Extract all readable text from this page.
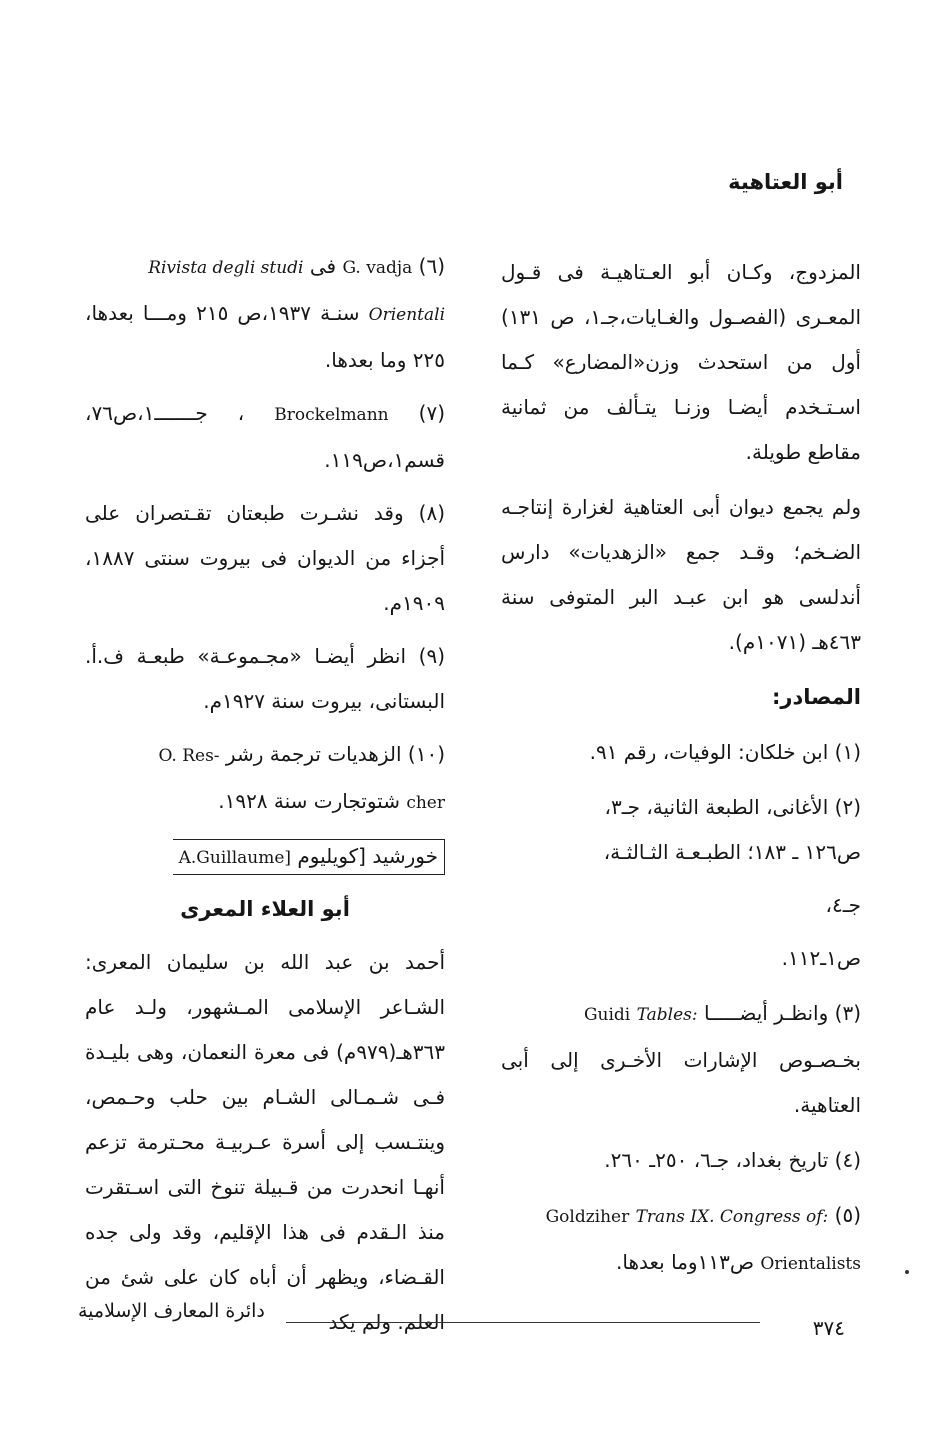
أبو العتاهية

المزدوج، وكـان أبو العـتاهيـة فى قـول المعـرى (الفصـول والغـايات،جـ١، ص ١٣١) أول من استحدث وزن«المضارع» كـما اسـتـخدم أيضـا وزنـا يتـألف من ثمانية مقاطع طويلة.

ولم يجمع ديوان أبى العتاهية لغزارة إنتاجـه الضـخم؛ وقـد جمع «الزهديات» دارس أندلسى هو ابن عبـد البر المتوفى سنة ٤٦٣هـ (١٠٧١م).

المصادر:

(١) ابن خلكان: الوفيات، رقم ٩١.

(٢) الأغانى، الطبعة الثانية، جـ٣،

ص١٢٦ ـ ١٨٣؛ الطبـعـة الثـالثـة،

جـ٤،

ص١ـ١١٢.

(٣) وانظـر أيضـــــا Guidi Tables:

بخـصـوص الإشارات الأخـرى إلى أبى العتاهية.

(٤) تاريخ بغداد، جـ٦، ٢٥٠ـ ٢٦٠.

(٥) Goldziher Trans IX. Congress of:

Orientalists ص١١٣وما بعدها.

(٦) G. vadja فى Rivista degli studi

Orientali سنـة ١٩٣٧،ص ٢١٥ ومـــا بعدها، ٢٢٥ وما بعدها.

(٧) Brockelmann ، جـــــــ١،ص٧٦، قسم١،ص١١٩.

(٨) وقد نشـرت طبعتان تقـتصران على أجزاء من الديوان فى بيروت سنتى ١٨٨٧، ١٩٠٩م.

(٩) انظر أيضـا «مجـموعـة» طبعـة ف.أ. البستانى، بيروت سنة ١٩٢٧م.

(١٠) الزهديات ترجمة رشر O. Res-

cher شتوتجارت سنة ١٩٢٨.

خورشيد [كويليوم A.Guillaume]

أبو العلاء المعرى

أحمد بن عبد الله بن سليمان المعرى: الشـاعر الإسلامى المـشهور، ولـد عام ٣٦٣هـ(٩٧٩م) فى معرة النعمان، وهى بليـدة فـى شـمـالى الشـام بين حلب وحـمص، وينتـسب إلى أسرة عـربيـة محـترمة تزعم أنهـا انحدرت من قـبيلة تنوخ التى اسـتقرت منذ الـقدم فى هذا الإقليم، وقد ولى جده القـضاء، ويظهر أن أباه كان على شئ من العلم. ولم يكد	٣٧٤
دائرة المعارف الإسلامية
